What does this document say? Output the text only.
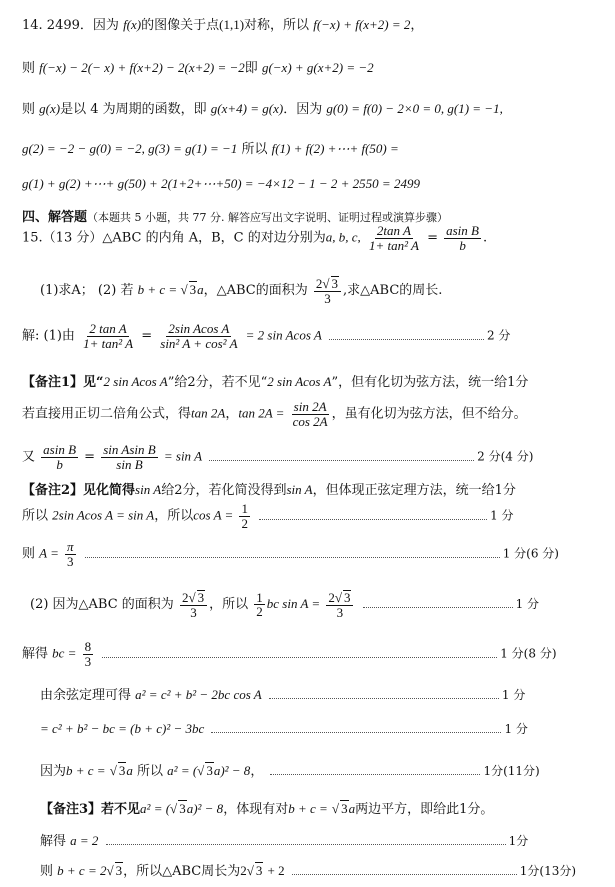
14. 2499．因为 f(x)的图像关于点(1,1)对称，所以 f(−x) + f(x+2) = 2，
则 f(−x) − 2(− x) + f(x+2) − 2(x+2) = −2即 g(−x) + g(x+2) = −2
则 g(x)是以 4 为周期的函数，即 g(x+4) = g(x)．因为 g(0) = f(0) − 2×0 = 0, g(1) = −1,
g(2) = −2 − g(0) = −2, g(3) = g(1) = −1 所以 f(1) + f(2) +⋯+ f(50) =
g(1) + g(2) +⋯+ g(50) + 2(1+2+⋯+50) = −4×12 − 1 − 2 + 2550 = 2499
四、解答题（本题共 5 小题，共 77 分. 解答应写出文字说明、证明过程或演算步骤）
15.（13 分）△ABC 的内角 A，B，C 的对边分别为a, b, c, $\frac{\text{2tan A}}{\text{1+ tan² A}} = \frac{\text{asin B}}{b}$ .
(1)求A； (2) 若 b + c = √ 3a，△ABC的面积为 $\frac{2√ 3}{3}$ ,求△ABC的周长.
解: (1)由 $\frac{\text{2 tan A}}{\text{1+ tan² A}} = \frac{\text{2sin Acos A}}{\text{sin² A + cos² A}} = 2$ sin Acos A	2 分
【备注1】见“2 sin Acos A”给2分，若不见“2 sin Acos A”，但有化切为弦方法，统一给1分
若直接用正切二倍角公式，得tan 2A，$\tan 2A = \frac{\sin 2A}{\cos 2A}$ ，虽有化切为弦方法，但不给分。
又 $\frac{\text{asin B}}{b} = \frac{\text{sin Asin B}}{\text{sin B}} = \sin A$	2 分(4 分)
【备注2】见化简得sin A给2分，若化简没得到sin A，但体现正弦定理方法，统一给1分
所以 2sin Acos A = sin A，所以$\cos A = \frac{1}{2}$	1 分
则 $A = \frac{\pi}{3}$	1 分(6 分)
(2) 因为△ABC 的面积为 $\frac{2√ 3}{3}$ ，所以 $\frac{1}{2}$ bc $\sin A = \frac{2√ 3}{3}$	1 分
解得 bc = $\frac{8}{3}$	1 分(8 分)
由余弦定理可得 a² = c² + b² − 2bc cos A	1 分
= c² + b² − bc = (b + c)² − 3bc	1 分
因为b + c = √ 3a 所以 a² = (√ 3a)² − 8，	1分(11分)
【备注3】若不见a² = (√ 3a)² − 8，体现有对b + c = √ 3a两边平方，即给此1分。
解得 a = 2	1分
则 b + c = 2√ 3，所以△ABC周长为2√ 3 + 2	1分(13分)
